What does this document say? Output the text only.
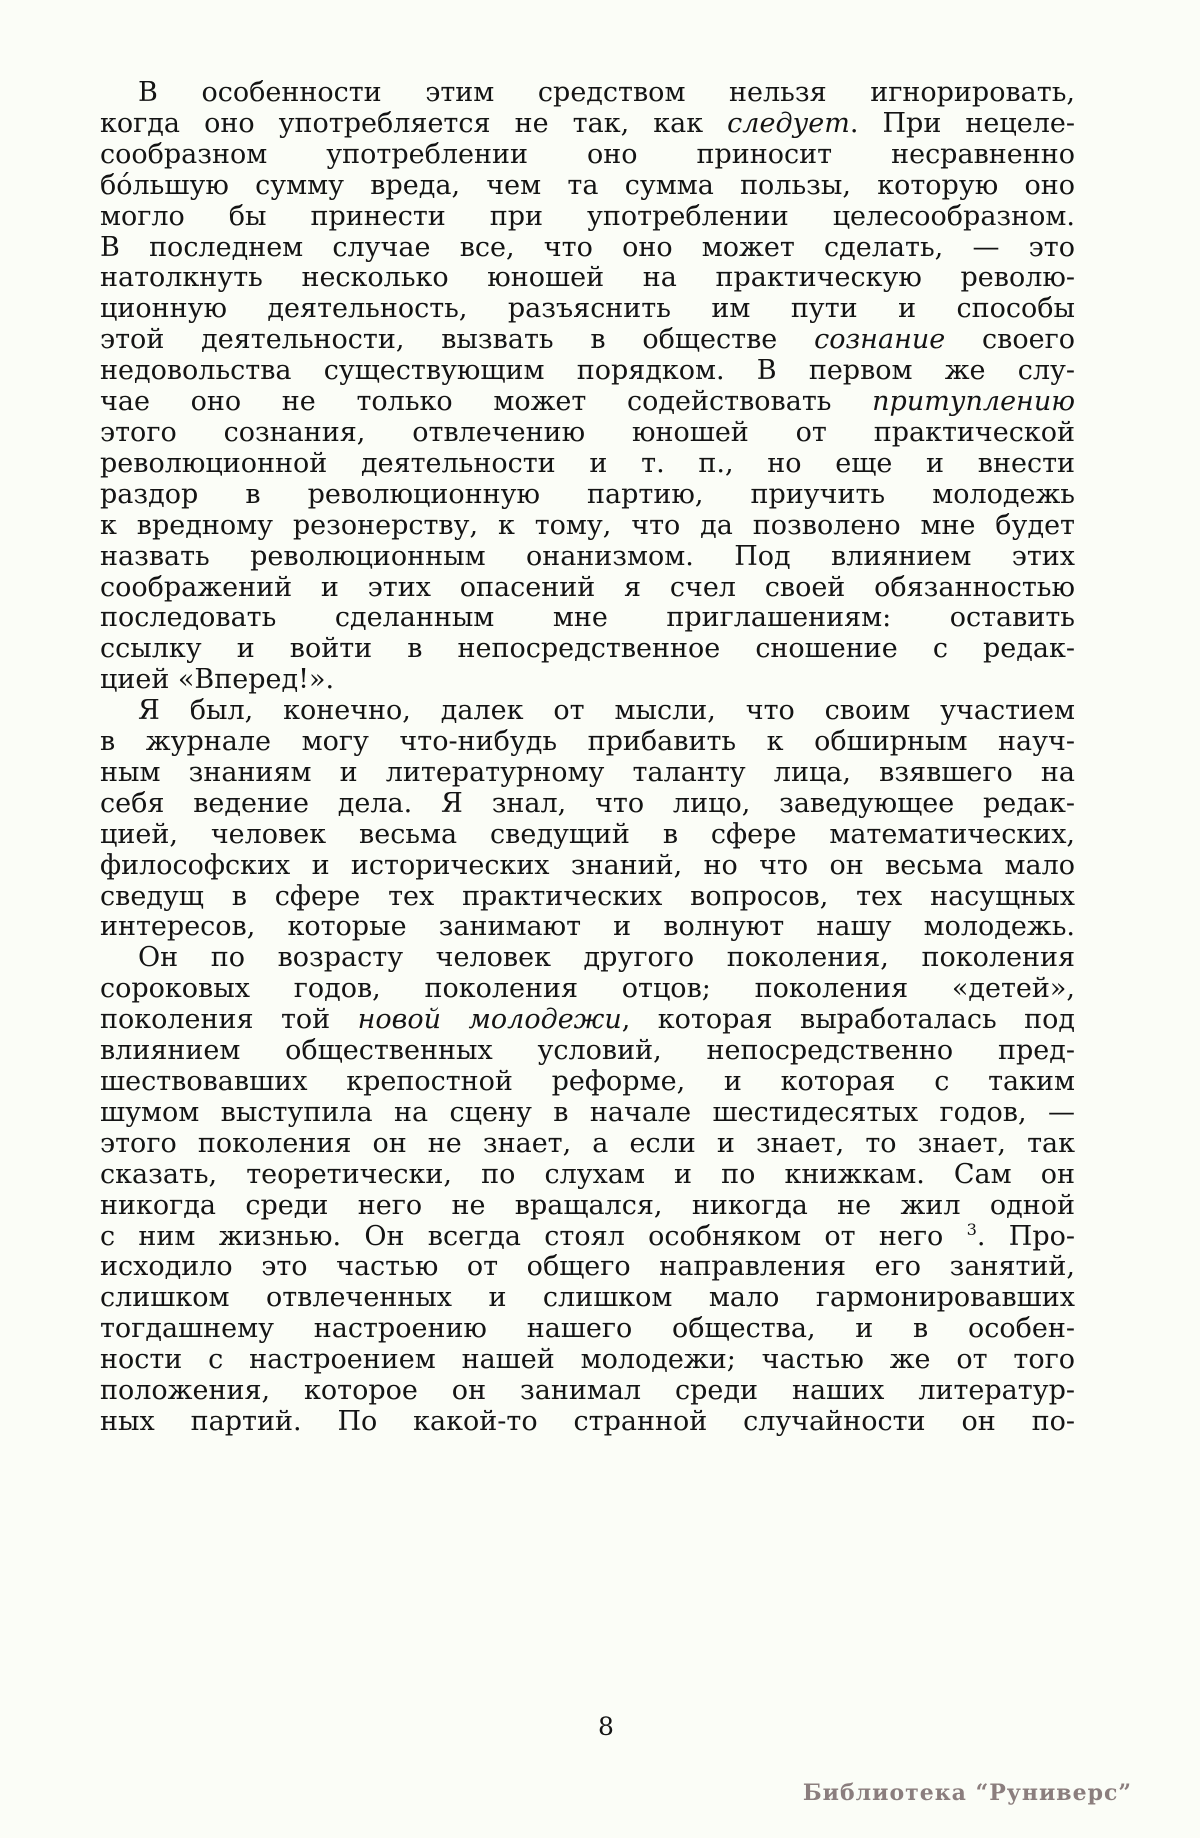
В особенности этим средством нельзя игнорировать,
когда оно употребляется не так, как следует. При нецеле-
сообразном употреблении оно приносит несравненно
бо́льшую сумму вреда, чем та сумма пользы, которую оно
могло бы принести при употреблении целесообразном.
В последнем случае все, что оно может сделать, — это
натолкнуть несколько юношей на практическую револю-
ционную деятельность, разъяснить им пути и способы
этой деятельности, вызвать в обществе сознание своего
недовольства существующим порядком. В первом же слу-
чае оно не только может содействовать притуплению
этого сознания, отвлечению юношей от практической
революционной деятельности и т. п., но еще и внести
раздор в революционную партию, приучить молодежь
к вредному резонерству, к тому, что да позволено мне будет
назвать революционным онанизмом. Под влиянием этих
соображений и этих опасений я счел своей обязанностью
последовать сделанным мне приглашениям: оставить
ссылку и войти в непосредственное сношение с редак-
цией «Вперед!».
Я был, конечно, далек от мысли, что своим участием
в журнале могу что-нибудь прибавить к обширным науч-
ным знаниям и литературному таланту лица, взявшего на
себя ведение дела. Я знал, что лицо, заведующее редак-
цией, человек весьма сведущий в сфере математических,
философских и исторических знаний, но что он весьма мало
сведущ в сфере тех практических вопросов, тех насущных
интересов, которые занимают и волнуют нашу молодежь.
Он по возрасту человек другого поколения, поколения
сороковых годов, поколения отцов; поколения «детей»,
поколения той новой молодежи, которая выработалась под
влиянием общественных условий, непосредственно пред-
шествовавших крепостной реформе, и которая с таким
шумом выступила на сцену в начале шестидесятых годов, —
этого поколения он не знает, а если и знает, то знает, так
сказать, теоретически, по слухам и по книжкам. Сам он
никогда среди него не вращался, никогда не жил одной
с ним жизнью. Он всегда стоял особняком от него $^3$. Про-
исходило это частью от общего направления его занятий,
слишком отвлеченных и слишком мало гармонировавших
тогдашнему настроению нашего общества, и в особен-
ности с настроением нашей молодежи; частью же от того
положения, которое он занимал среди наших литератур-
ных партий. По какой-то странной случайности он по-
8
Библиотека “Руниверс”
